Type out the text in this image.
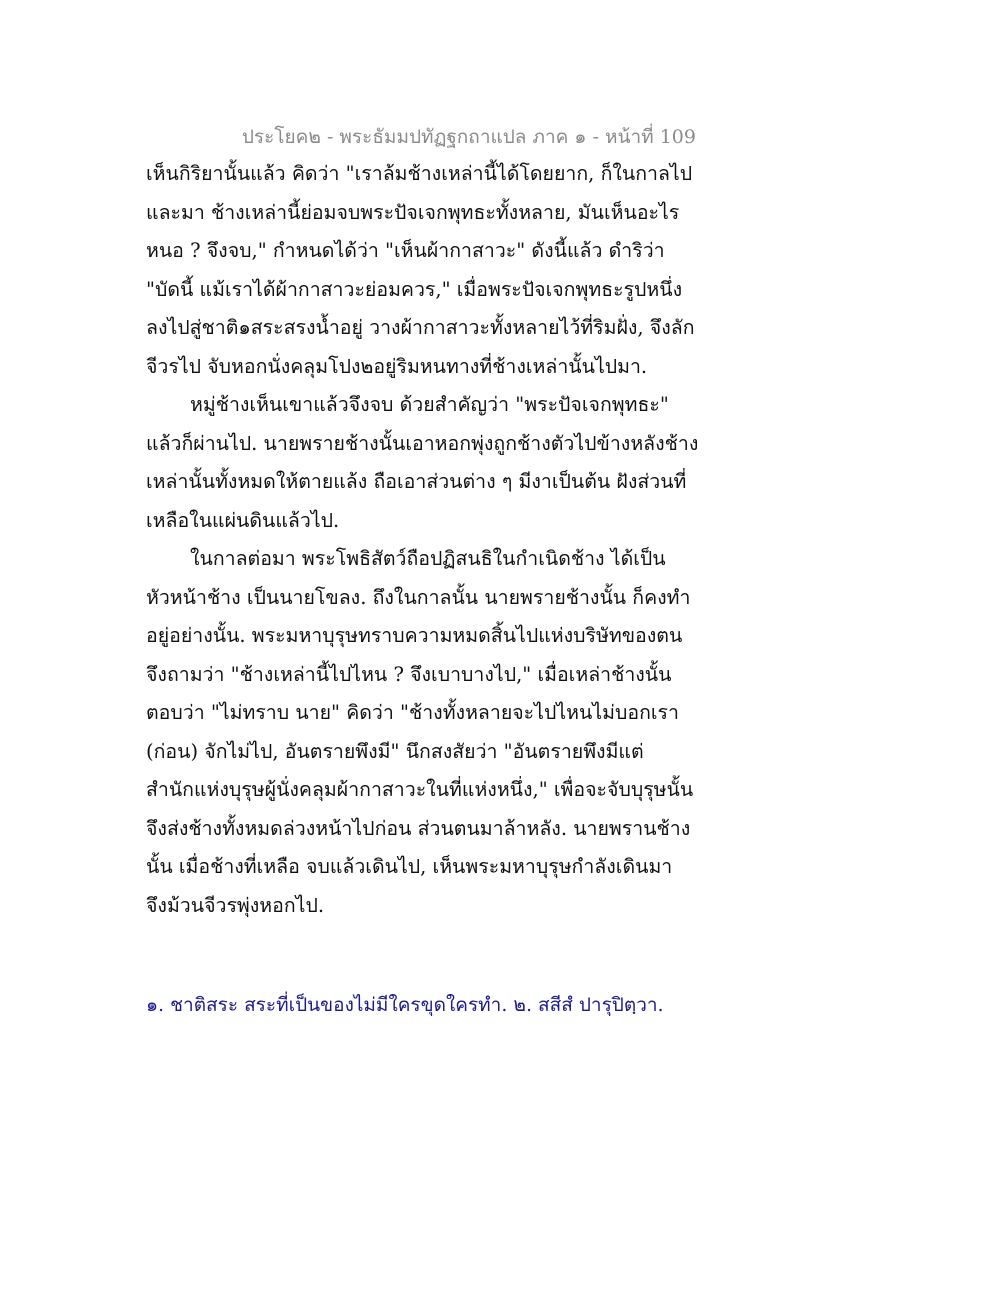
ประโยค๒ - พระธัมมปทัฏฐกถาแปล ภาค ๑ - หน้าที่ 109
เห็นกิริยานั้นแล้ว คิดว่า "เราล้มช้างเหล่านี้ได้โดยยาก, ก็ในกาลไป
และมา ช้างเหล่านี้ย่อมจบพระปัจเจกพุทธะทั้งหลาย, มันเห็นอะไร
หนอ ? จึงจบ," กำหนดได้ว่า "เห็นผ้ากาสาวะ" ดังนี้แล้ว ดำริว่า
"บัดนี้ แม้เราได้ผ้ากาสาวะย่อมควร," เมื่อพระปัจเจกพุทธะรูปหนึ่ง
ลงไปสู่ชาติ๑สระสรงน้ำอยู่ วางผ้ากาสาวะทั้งหลายไว้ที่ริมฝั่ง, จึงลัก
จีวรไป จับหอกนั่งคลุมโปง๒อยู่ริมหนทางที่ช้างเหล่านั้นไปมา.
หมู่ช้างเห็นเขาแล้วจึงจบ ด้วยสำคัญว่า "พระปัจเจกพุทธะ"
แล้วก็ผ่านไป. นายพรายช้างนั้นเอาหอกพุ่งถูกช้างตัวไปข้างหลังช้าง
เหล่านั้นทั้งหมดให้ตายแล้ง ถือเอาส่วนต่าง ๆ มีงาเป็นต้น ฝังส่วนที่
เหลือในแผ่นดินแล้วไป.
ในกาลต่อมา พระโพธิสัตว์ถือปฏิสนธิในกำเนิดช้าง ได้เป็น
หัวหน้าช้าง เป็นนายโขลง. ถึงในกาลนั้น นายพรายช้างนั้น ก็คงทำ
อยู่อย่างนั้น. พระมหาบุรุษทราบความหมดสิ้นไปแห่งบริษัทของตน
จึงถามว่า "ช้างเหล่านี้ไปไหน ? จึงเบาบางไป," เมื่อเหล่าช้างนั้น
ตอบว่า "ไม่ทราบ นาย" คิดว่า "ช้างทั้งหลายจะไปไหนไม่บอกเรา
(ก่อน) จักไม่ไป, อันตรายพึงมี" นึกสงสัยว่า "อันตรายพึงมีแต่
สำนักแห่งบุรุษผู้นั่งคลุมผ้ากาสาวะในที่แห่งหนึ่ง," เพื่อจะจับบุรุษนั้น
จึงส่งช้างทั้งหมดล่วงหน้าไปก่อน ส่วนตนมาล้าหลัง. นายพรานช้าง
นั้น เมื่อช้างที่เหลือ จบแล้วเดินไป, เห็นพระมหาบุรุษกำลังเดินมา
จึงม้วนจีวรพุ่งหอกไป.
๑. ชาติสระ สระที่เป็นของไม่มีใครขุดใครทำ. ๒. สสีสํ ปารุปิตฺวา.
